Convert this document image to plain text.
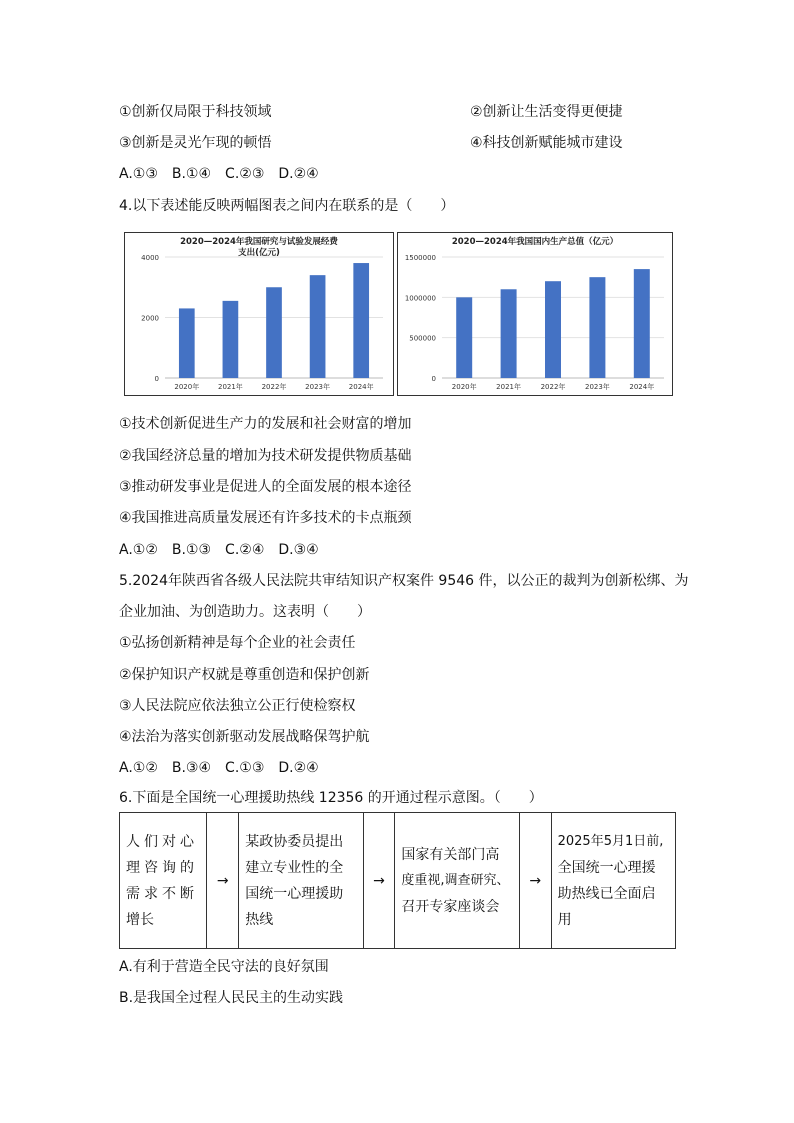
①创新仅局限于科技领域	②创新让生活变得更便捷
③创新是灵光乍现的顿悟	④科技创新赋能城市建设
A.①③　B.①④　C.②③　D.②④
4.以下表述能反映两幅图表之间内在联系的是（　　）
2020—2024年我国研究与试验发展经费
支出(亿元)
0
2000
4000
2020年	2021年	2022年	2023年	2024年
2020—2024年我国国内生产总值（亿元）
0
500000
1000000
1500000
2020年	2021年	2022年	2023年	2024年
①技术创新促进生产力的发展和社会财富的增加
②我国经济总量的增加为技术研发提供物质基础
③推动研发事业是促进人的全面发展的根本途径
④我国推进高质量发展还有许多技术的卡点瓶颈
A.①②　B.①③　C.②④　D.③④
5.2024年陕西省各级人民法院共审结知识产权案件 9546 件，以公正的裁判为创新松绑、为
企业加油、为创造助力。这表明（　　）
①弘扬创新精神是每个企业的社会责任
②保护知识产权就是尊重创造和保护创新
③人民法院应依法独立公正行使检察权
④法治为落实创新驱动发展战略保驾护航
A.①②　B.③④　C.①③　D.②④
6.下面是全国统一心理援助热线 12356 的开通过程示意图。（　　）
人们对心
理咨询的
需求不断
增长
	→	
某政协委员提出
建立专业性的全
国统一心理援助
热线
	→	
国家有关部门高
度重视,调查研究、
召开专家座谈会
	→	
2025年5月1日前,
全国统一心理援
助热线已全面启
用
A.有利于营造全民守法的良好氛围
B.是我国全过程人民民主的生动实践
